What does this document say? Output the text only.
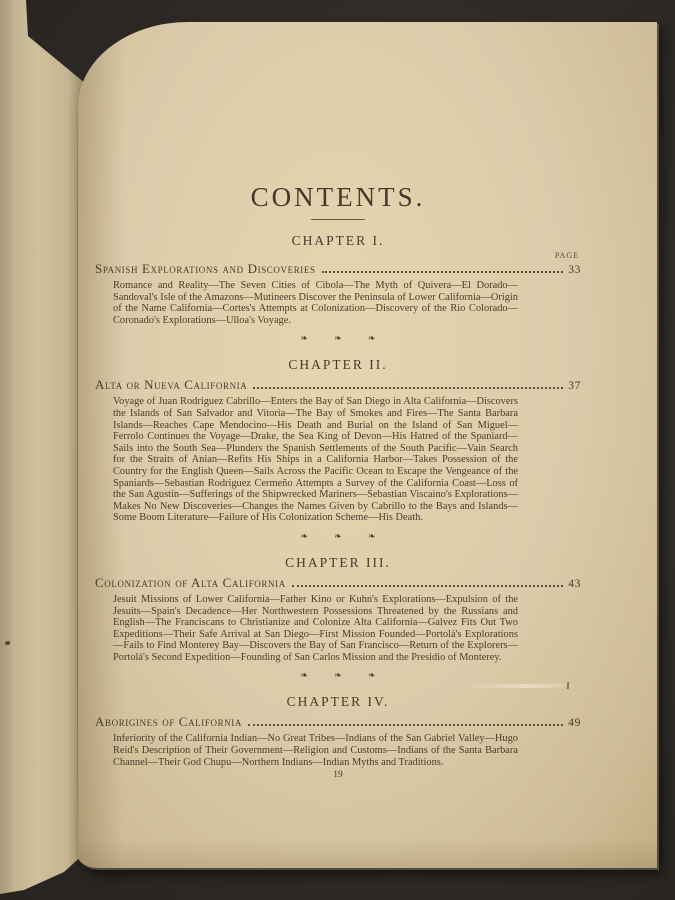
CONTENTS.
CHAPTER I.
PAGE
Spanish Explorations and Discoveries	33

Romance and Reality—The Seven Cities of Cibola—The Myth of Quivera—El Dorado—Sandoval's Isle of the Amazons—Mutineers Discover the Peninsula of Lower California—Origin of the Name California—Cortes's Attempts at Colonization—Discovery of the Rio Colorado—Coronado's Explorations—Ulloa's Voyage.

❧ ❧ ❧
CHAPTER II.
Alta or Nueva California	37

Voyage of Juan Rodriguez Cabrillo—Enters the Bay of San Diego in Alta California—Discovers the Islands of San Salvador and Vitoria—The Bay of Smokes and Fires—The Santa Barbara Islands—Reaches Cape Mendocino—His Death and Burial on the Island of San Miguel—Ferrolo Continues the Voyage—Drake, the Sea King of Devon—His Hatred of the Spaniard—Sails into the South Sea—Plunders the Spanish Settlements of the South Pacific—Vain Search for the Straits of Anian—Refits His Ships in a California Harbor—Takes Possession of the Country for the English Queen—Sails Across the Pacific Ocean to Escape the Vengeance of the Spaniards—Sebastian Rodriguez Cermeño Attempts a Survey of the California Coast—Loss of the San Agustin—Sufferings of the Shipwrecked Mariners—Sebastian Viscaino's Explorations—Makes No New Discoveries—Changes the Names Given by Cabrillo to the Bays and Islands—Some Boom Literature—Failure of His Colonization Scheme—His Death.

❧ ❧ ❧
CHAPTER III.
Colonization of Alta California	43

Jesuit Missions of Lower California—Father Kino or Kuhn's Explorations—Expulsion of the Jesuits—Spain's Decadence—Her Northwestern Possessions Threatened by the Russians and English—The Franciscans to Christianize and Colonize Alta California—Galvez Fits Out Two Expeditions—Their Safe Arrival at San Diego—First Mission Founded—Portolá's Explorations—Fails to Find Monterey Bay—Discovers the Bay of San Francisco—Return of the Explorers—Portolá's Second Expedition—Founding of San Carlos Mission and the Presidio of Monterey.

❧ ❧ ❧
CHAPTER IV.
Aborigines of California	49

Inferiority of the California Indian—No Great Tribes—Indians of the San Gabriel Valley—Hugo Reid's Description of Their Government—Religion and Customs—Indians of the Santa Barbara Channel—Their God Chupu—Northern Indians—Indian Myths and Traditions.

19
